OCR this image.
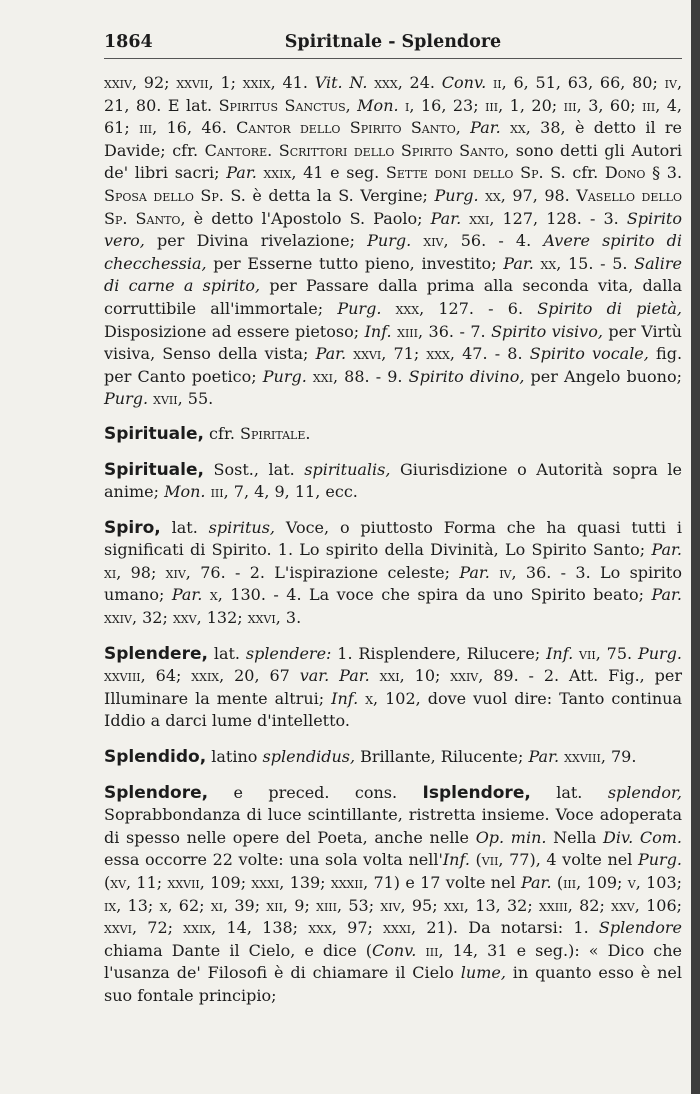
1864	Spiritnale - Splendore

xxiv, 92; xxvii, 1; xxix, 41. Vit. N. xxx, 24. Conv. ii, 6, 51, 63, 66, 80; iv, 21, 80. E lat. Spiritus Sanctus, Mon. i, 16, 23; iii, 1, 20; iii, 3, 60; iii, 4, 61; iii, 16, 46. Cantor dello Spirito Santo, Par. xx, 38, è detto il re Davide; cfr. Cantore. Scrittori dello Spirito Santo, sono detti gli Autori de' libri sacri; Par. xxix, 41 e seg. Sette doni dello Sp. S. cfr. Dono § 3. Sposa dello Sp. S. è detta la S. Vergine; Purg. xx, 97, 98. Vasello dello Sp. Santo, è detto l'Apostolo S. Paolo; Par. xxi, 127, 128. - 3. Spirito vero, per Divina rivelazione; Purg. xiv, 56. - 4. Avere spirito di checchessia, per Esserne tutto pieno, investito; Par. xx, 15. - 5. Salire di carne a spirito, per Passare dalla prima alla seconda vita, dalla corruttibile all'immortale; Purg. xxx, 127. - 6. Spirito di pietà, Disposizione ad essere pietoso; Inf. xiii, 36. - 7. Spirito visivo, per Virtù visiva, Senso della vista; Par. xxvi, 71; xxx, 47. - 8. Spirito vocale, fig. per Canto poetico; Purg. xxi, 88. - 9. Spirito divino, per Angelo buono; Purg. xvii, 55.

Spirituale, cfr. Spiritale.

Spirituale, Sost., lat. spiritualis, Giurisdizione o Autorità sopra le anime; Mon. iii, 7, 4, 9, 11, ecc.

Spiro, lat. spiritus, Voce, o piuttosto Forma che ha quasi tutti i significati di Spirito. 1. Lo spirito della Divinità, Lo Spirito Santo; Par. xi, 98; xiv, 76. - 2. L'ispirazione celeste; Par. iv, 36. - 3. Lo spirito umano; Par. x, 130. - 4. La voce che spira da uno Spirito beato; Par. xxiv, 32; xxv, 132; xxvi, 3.

Splendere, lat. splendere: 1. Risplendere, Rilucere; Inf. vii, 75. Purg. xxviii, 64; xxix, 20, 67 var. Par. xxi, 10; xxiv, 89. - 2. Att. Fig., per Illuminare la mente altrui; Inf. x, 102, dove vuol dire: Tanto continua Iddio a darci lume d'intelletto.

Splendido, latino splendidus, Brillante, Rilucente; Par. xxviii, 79.

Splendore, e preced. cons. Isplendore, lat. splendor, Soprabbondanza di luce scintillante, ristretta insieme. Voce adoperata di spesso nelle opere del Poeta, anche nelle Op. min. Nella Div. Com. essa occorre 22 volte: una sola volta nell'Inf. (vii, 77), 4 volte nel Purg. (xv, 11; xxvii, 109; xxxi, 139; xxxii, 71) e 17 volte nel Par. (iii, 109; v, 103; ix, 13; x, 62; xi, 39; xii, 9; xiii, 53; xiv, 95; xxi, 13, 32; xxiii, 82; xxv, 106; xxvi, 72; xxix, 14, 138; xxx, 97; xxxi, 21). Da notarsi: 1. Splendore chiama Dante il Cielo, e dice (Conv. iii, 14, 31 e seg.): « Dico che l'usanza de' Filosofi è di chiamare il Cielo lume, in quanto esso è nel suo fontale principio;
